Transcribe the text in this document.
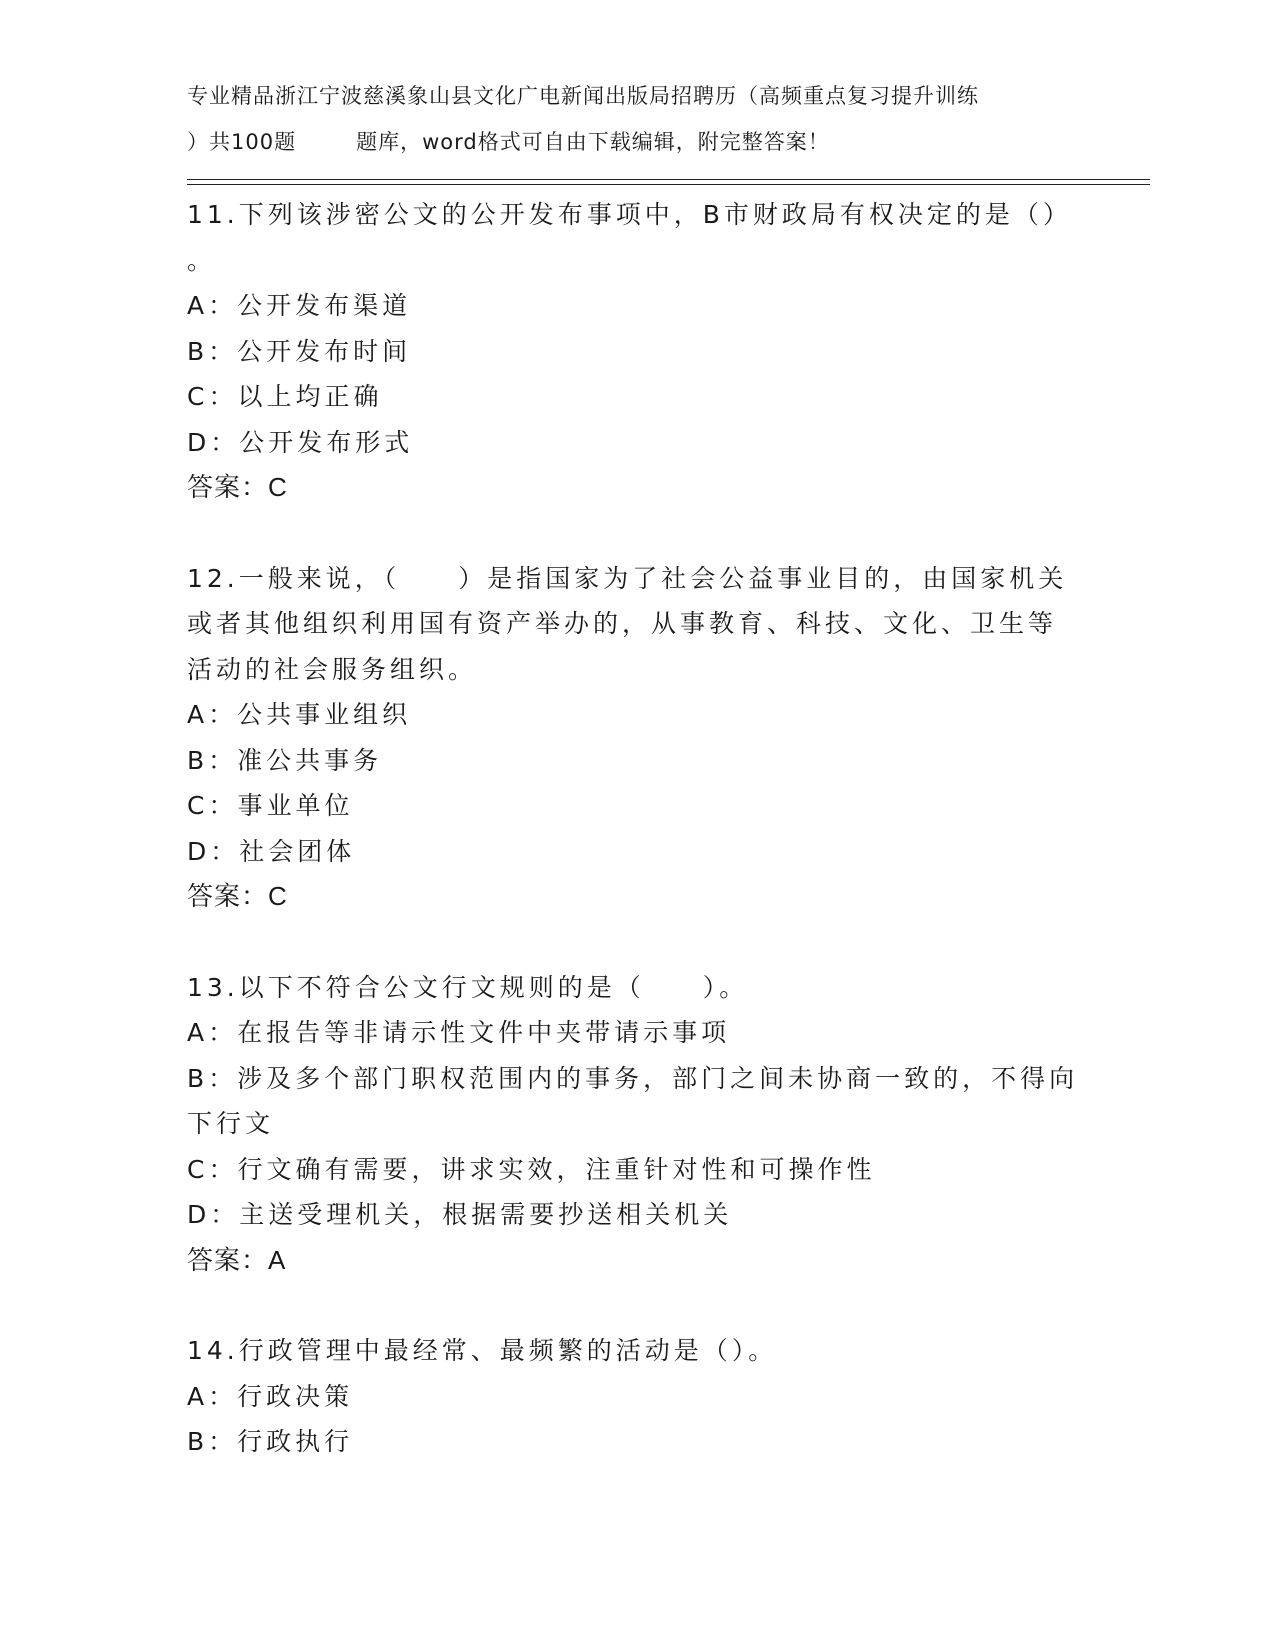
专业精品浙江宁波慈溪象山县文化广电新闻出版局招聘历（高频重点复习提升训练
）共100题	题库，word格式可自由下载编辑，附完整答案！
11.下列该涉密公文的公开发布事项中，B市财政局有权决定的是（）
。
A：公开发布渠道
B：公开发布时间
C：以上均正确
D：公开发布形式
答案：C
12.一般来说，（　　）是指国家为了社会公益事业目的，由国家机关
或者其他组织利用国有资产举办的，从事教育、科技、文化、卫生等
活动的社会服务组织。
A：公共事业组织
B：准公共事务
C：事业单位
D：社会团体
答案：C
13.以下不符合公文行文规则的是（　　）。
A：在报告等非请示性文件中夹带请示事项
B：涉及多个部门职权范围内的事务，部门之间未协商一致的，不得向
下行文
C：行文确有需要，讲求实效，注重针对性和可操作性
D：主送受理机关，根据需要抄送相关机关
答案：A
14.行政管理中最经常、最频繁的活动是（）。
A：行政决策
B：行政执行
